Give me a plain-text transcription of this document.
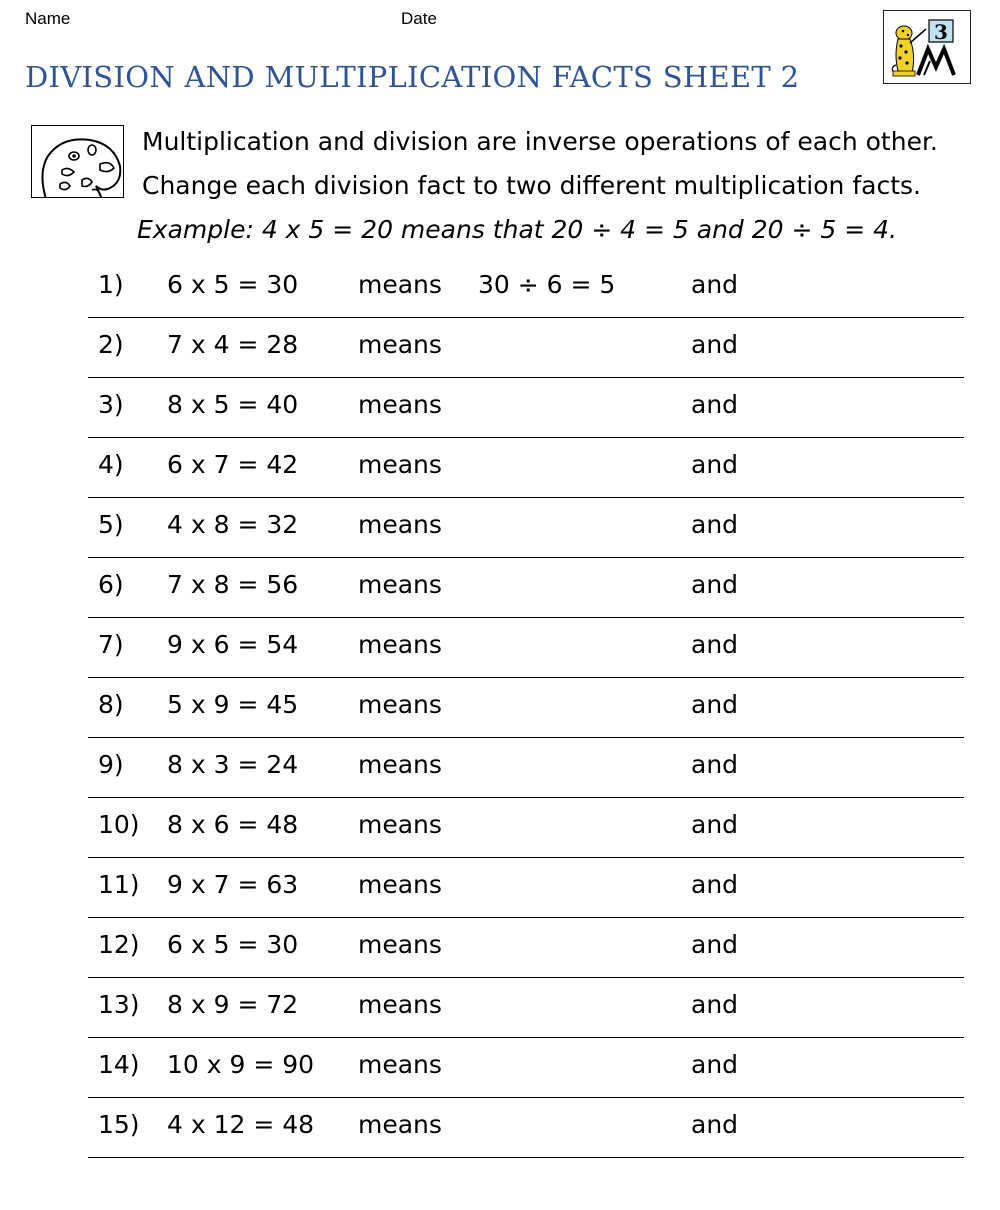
Name	Date
DIVISION AND MULTIPLICATION FACTS SHEET 2
3
Multiplication and division are inverse operations of each other.
Change each division fact to two different multiplication facts.
Example: 4 x 5 = 20 means that 20 ÷ 4 = 5 and 20 ÷ 5 = 4.
1) 6 x 5 = 30 means 30 ÷ 6 = 5	and
2) 7 x 4 = 28 means	and
3) 8 x 5 = 40 means	and
4) 6 x 7 = 42 means	and
5) 4 x 8 = 32 means	and
6) 7 x 8 = 56 means	and
7) 9 x 6 = 54 means	and
8) 5 x 9 = 45 means	and
9) 8 x 3 = 24 means	and
10) 8 x 6 = 48 means	and
11) 9 x 7 = 63 means	and
12) 6 x 5 = 30 means	and
13) 8 x 9 = 72 means	and
14) 10 x 9 = 90 means	and
15) 4 x 12 = 48 means	and
